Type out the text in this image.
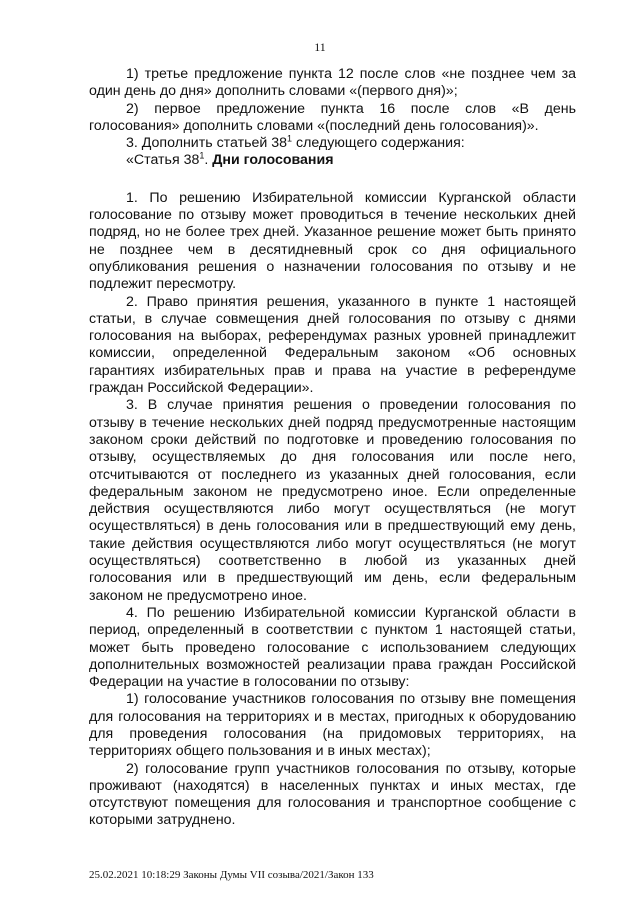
11

1) третье предложение пункта 12 после слов «не позднее чем за один день до дня» дополнить словами «(первого дня)»;

2) первое предложение пункта 16 после слов «В день голосования» дополнить словами «(последний день голосования)».

3. Дополнить статьей $38^1$ следующего содержания:

«Статья $38^1$. Дни голосования

1. По решению Избирательной комиссии Курганской области голосование по отзыву может проводиться в течение нескольких дней подряд, но не более трех дней. Указанное решение может быть принято не позднее чем в десятидневный срок со дня официального опубликования решения о назначении голосования по отзыву и не подлежит пересмотру.

2. Право принятия решения, указанного в пункте 1 настоящей статьи, в случае совмещения дней голосования по отзыву с днями голосования на выборах, референдумах разных уровней принадлежит комиссии, определенной Федеральным законом «Об основных гарантиях избирательных прав и права на участие в референдуме граждан Российской Федерации».

3. В случае принятия решения о проведении голосования по отзыву в течение нескольких дней подряд предусмотренные настоящим законом сроки действий по подготовке и проведению голосования по отзыву, осуществляемых до дня голосования или после него, отсчитываются от последнего из указанных дней голосования, если федеральным законом не предусмотрено иное. Если определенные действия осуществляются либо могут осуществляться (не могут осуществляться) в день голосования или в предшествующий ему день, такие действия осуществляются либо могут осуществляться (не могут осуществляться) соответственно в любой из указанных дней голосования или в предшествующий им день, если федеральным законом не предусмотрено иное.

4. По решению Избирательной комиссии Курганской области в период, определенный в соответствии с пунктом 1 настоящей статьи, может быть проведено голосование с использованием следующих дополнительных возможностей реализации права граждан Российской Федерации на участие в голосовании по отзыву:

1) голосование участников голосования по отзыву вне помещения для голосования на территориях и в местах, пригодных к оборудованию для проведения голосования (на придомовых территориях, на территориях общего пользования и в иных местах);

2) голосование групп участников голосования по отзыву, которые проживают (находятся) в населенных пунктах и иных местах, где отсутствуют помещения для голосования и транспортное сообщение с которыми затруднено.

25.02.2021 10:18:29 Законы Думы VII созыва/2021/Закон 133
